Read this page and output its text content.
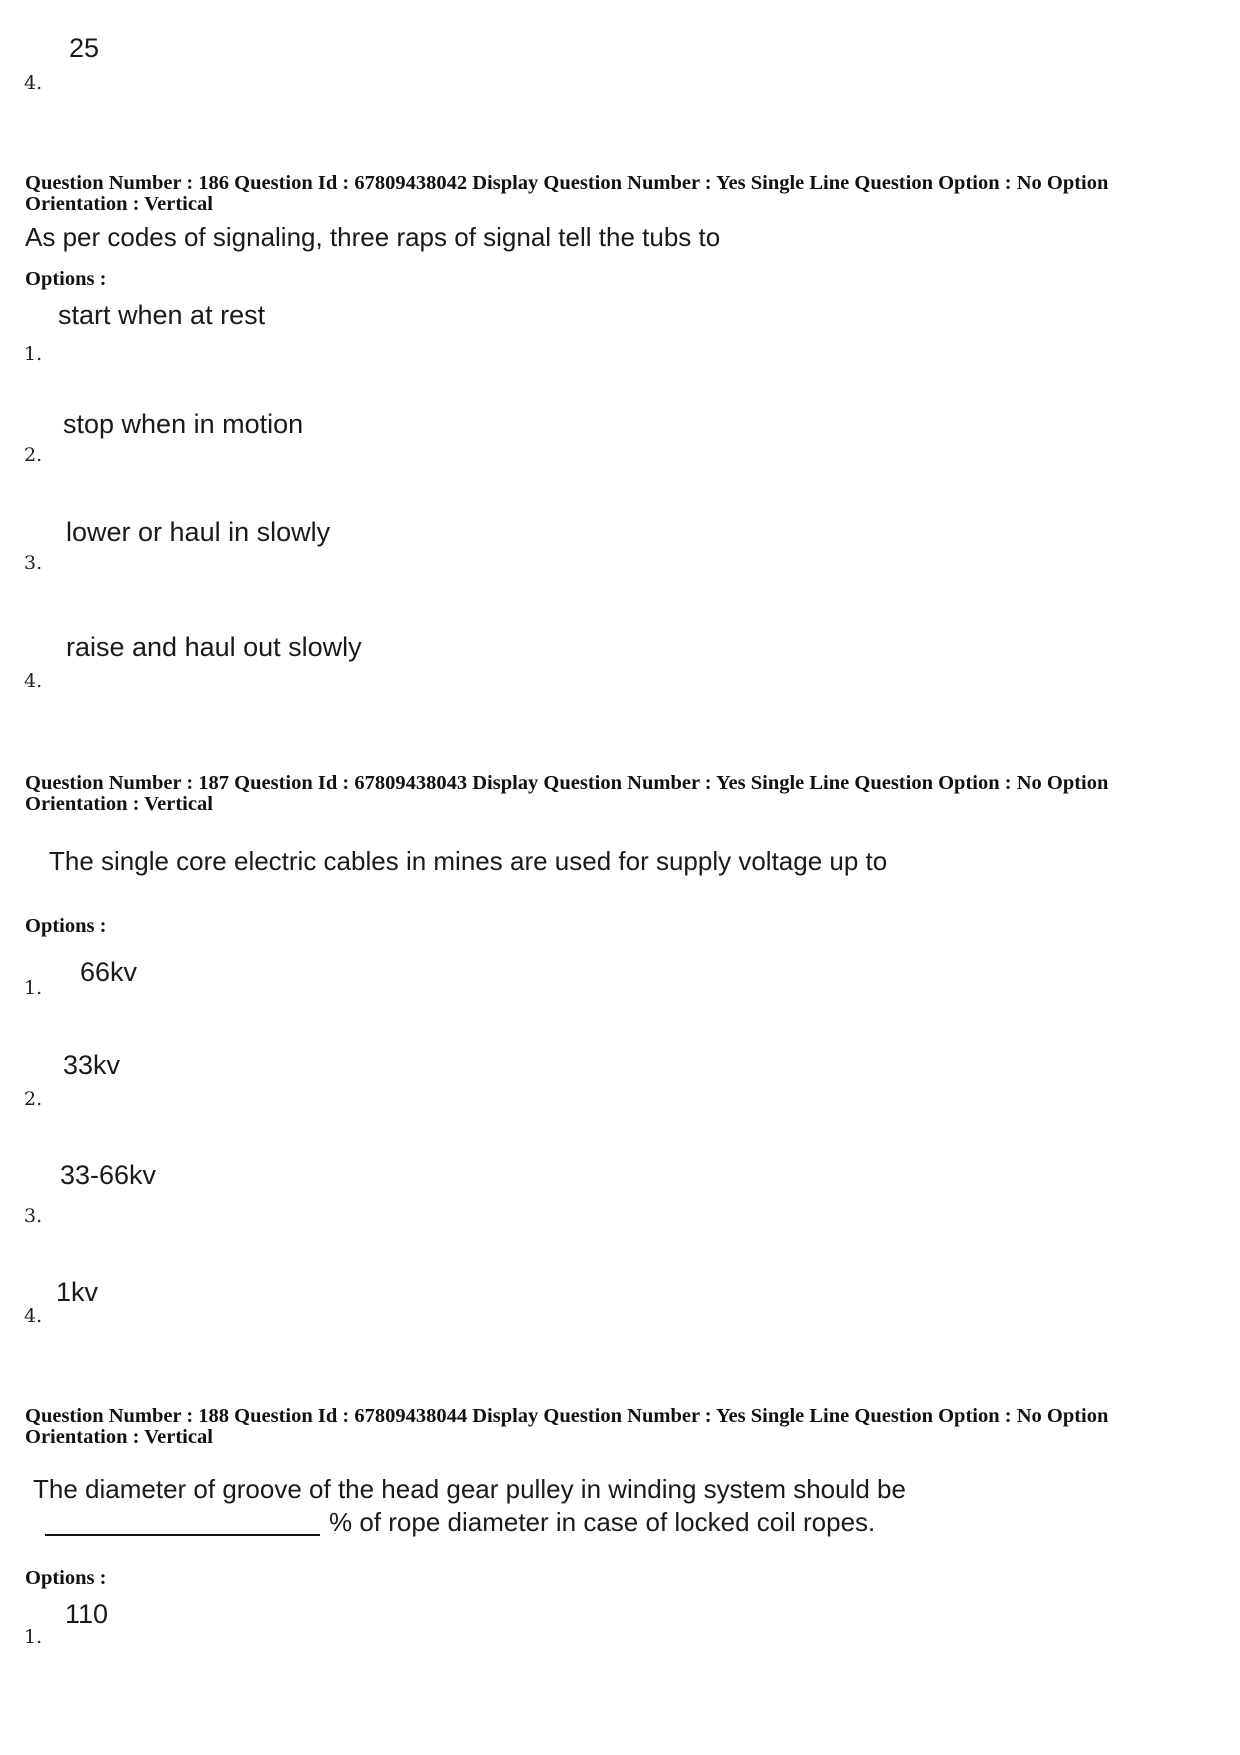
25
4.
Question Number : 186 Question Id : 67809438042 Display Question Number : Yes Single Line Question Option : No Option
Orientation : Vertical
As per codes of signaling, three raps of signal tell the tubs to
Options :
start when at rest
1.
stop when in motion
2.
lower or haul in slowly
3.
raise and haul out slowly
4.
Question Number : 187 Question Id : 67809438043 Display Question Number : Yes Single Line Question Option : No Option
Orientation : Vertical
The single core electric cables in mines are used for supply voltage up to
Options :
66kv
1.
33kv
2.
33-66kv
3.
1kv
4.
Question Number : 188 Question Id : 67809438044 Display Question Number : Yes Single Line Question Option : No Option
Orientation : Vertical
The diameter of groove of the head gear pulley in winding system should be
% of rope diameter in case of locked coil ropes.
Options :
110
1.
